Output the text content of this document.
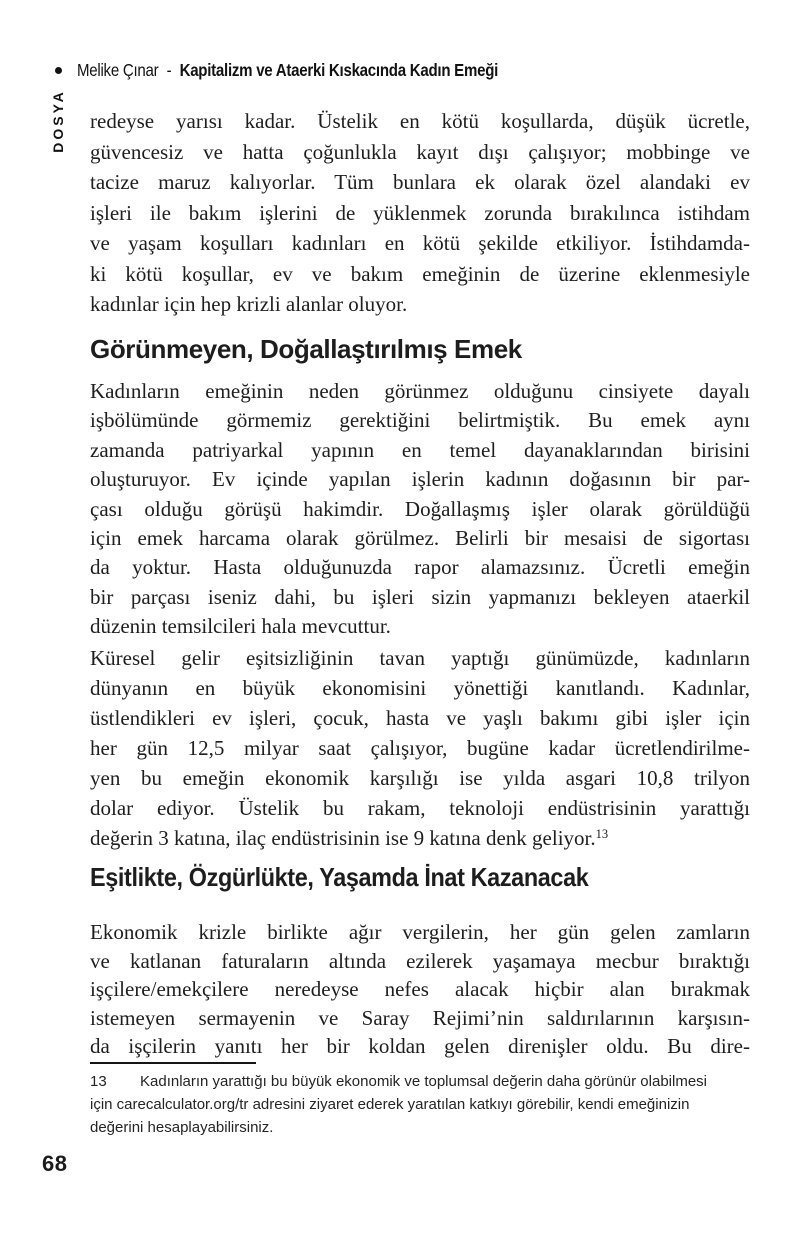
Melike Çınar - Kapitalizm ve Ataerki Kıskacında Kadın Emeği
DOSYA	redeyse yarısı kadar. Üstelik en kötü koşullarda, düşük ücretle,
güvencesiz ve hatta çoğunlukla kayıt dışı çalışıyor; mobbinge ve
tacize maruz kalıyorlar. Tüm bunlara ek olarak özel alandaki ev
işleri ile bakım işlerini de yüklenmek zorunda bırakılınca istihdam
ve yaşam koşulları kadınları en kötü şekilde etkiliyor. İstihdamda-
ki kötü koşullar, ev ve bakım emeğinin de üzerine eklenmesiyle
kadınlar için hep krizli alanlar oluyor.
Görünmeyen, Doğallaştırılmış Emek
Kadınların emeğinin neden görünmez olduğunu cinsiyete dayalı
işbölümünde görmemiz gerektiğini belirtmiştik. Bu emek aynı
zamanda patriyarkal yapının en temel dayanaklarından birisini
oluşturuyor. Ev içinde yapılan işlerin kadının doğasının bir par-
çası olduğu görüşü hakimdir. Doğallaşmış işler olarak görüldüğü
için emek harcama olarak görülmez. Belirli bir mesaisi de sigortası
da yoktur. Hasta olduğunuzda rapor alamazsınız. Ücretli emeğin
bir parçası iseniz dahi, bu işleri sizin yapmanızı bekleyen ataerkil
düzenin temsilcileri hala mevcuttur.
Küresel gelir eşitsizliğinin tavan yaptığı günümüzde, kadınların
dünyanın en büyük ekonomisini yönettiği kanıtlandı. Kadınlar,
üstlendikleri ev işleri, çocuk, hasta ve yaşlı bakımı gibi işler için
her gün 12,5 milyar saat çalışıyor, bugüne kadar ücretlendirilme-
yen bu emeğin ekonomik karşılığı ise yılda asgari 10,8 trilyon
dolar ediyor. Üstelik bu rakam, teknoloji endüstrisinin yarattığı
değerin 3 katına, ilaç endüstrisinin ise 9 katına denk geliyor.$^{13}$
Eşitlikte, Özgürlükte, Yaşamda İnat Kazanacak
Ekonomik krizle birlikte ağır vergilerin, her gün gelen zamların
ve katlanan faturaların altında ezilerek yaşamaya mecbur bıraktığı
işçilere/emekçilere neredeyse nefes alacak hiçbir alan bırakmak
istemeyen sermayenin ve Saray Rejimi’nin saldırılarının karşısın-
da işçilerin yanıtı her bir koldan gelen direnişler oldu. Bu dire-
13 Kadınların yarattığı bu büyük ekonomik ve toplumsal değerin daha görünür olabilmesi
için carecalculator.org/tr adresini ziyaret ederek yaratılan katkıyı görebilir, kendi emeğinizin
değerini hesaplayabilirsiniz.
68
